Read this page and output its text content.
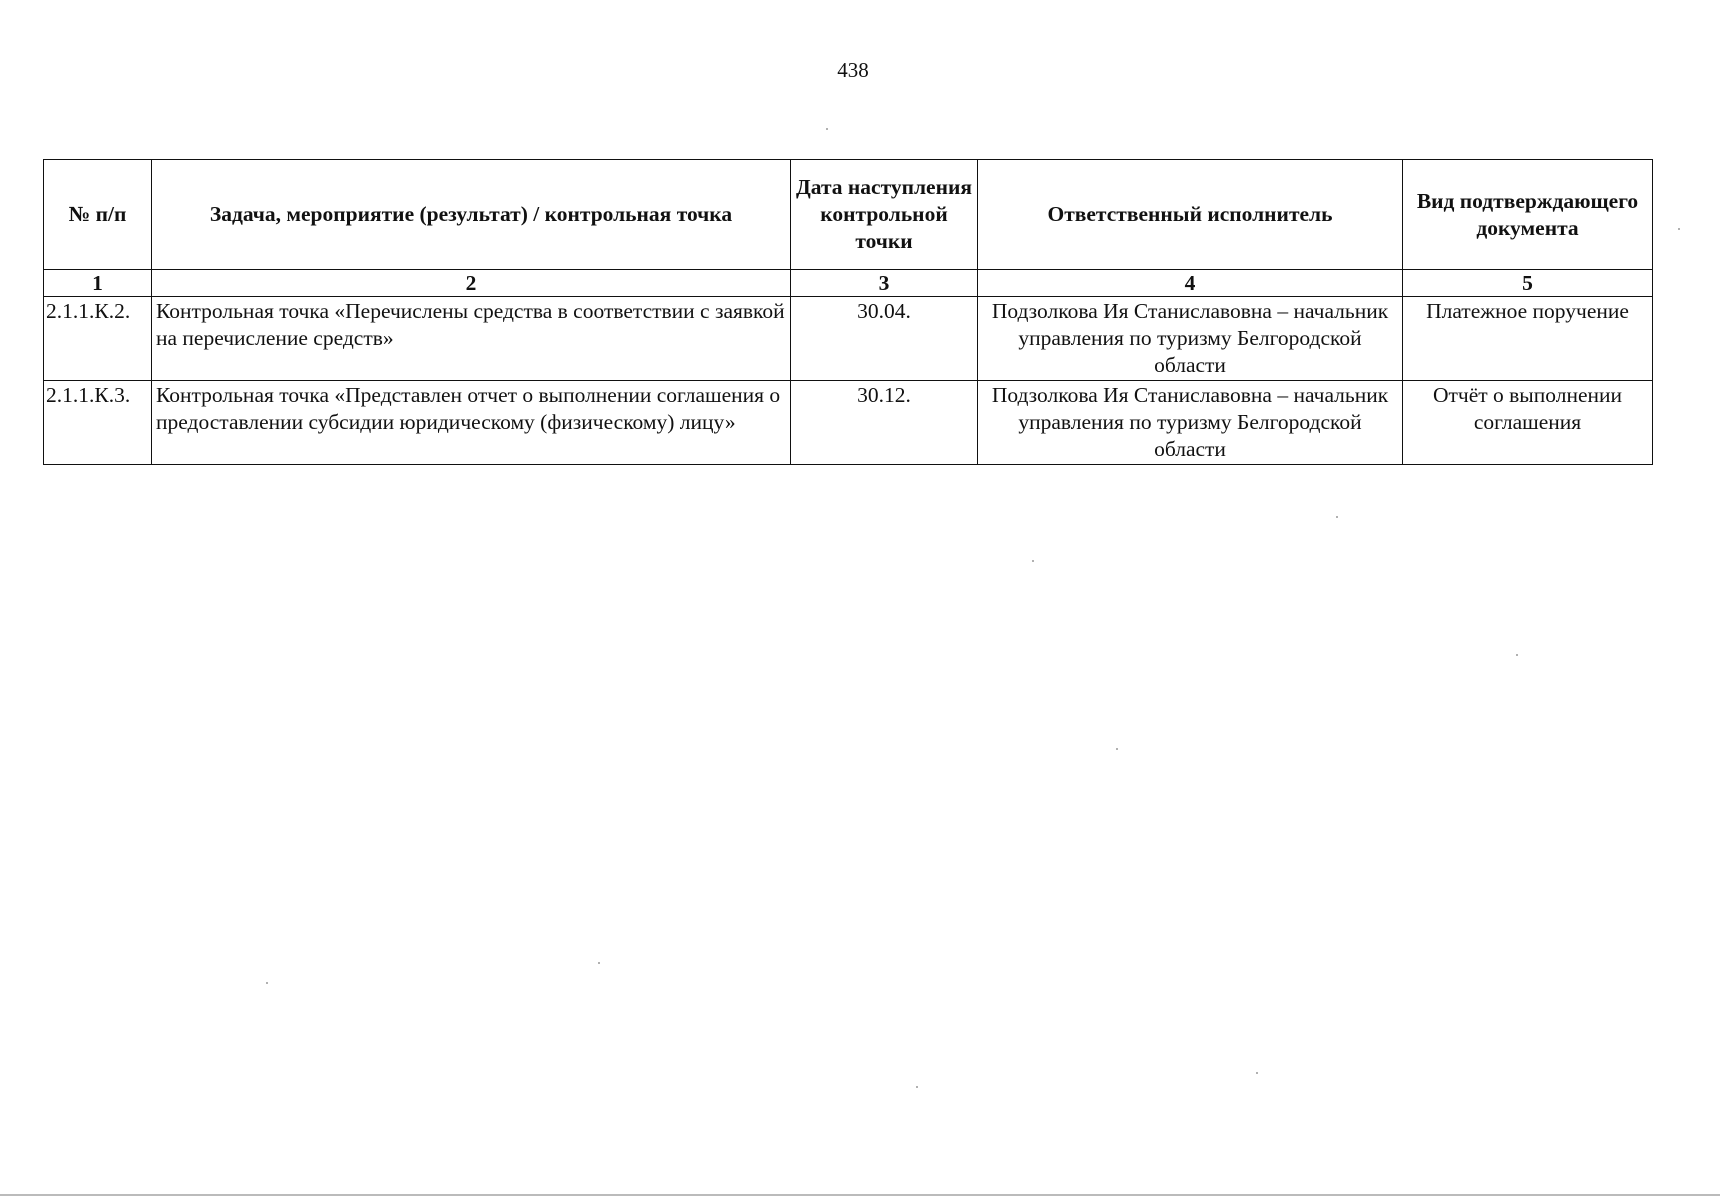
438
№ п/п	Задача, мероприятие (результат) / контрольная точка	Дата наступления контрольной точки	Ответственный исполнитель	Вид подтверждающего документа
1	2	3	4	5
2.1.1.К.2.	Контрольная точка «Перечислены средства в соответствии с заявкой на перечисление средств»	30.04.	Подзолкова Ия Станиславовна – начальник управления по туризму Белгородской области	Платежное поручение
2.1.1.К.3.	Контрольная точка «Представлен отчет о выполнении соглашения о предоставлении субсидии юридическому (физическому) лицу»	30.12.	Подзолкова Ия Станиславовна – начальник управления по туризму Белгородской области	Отчёт о выполнении соглашения
